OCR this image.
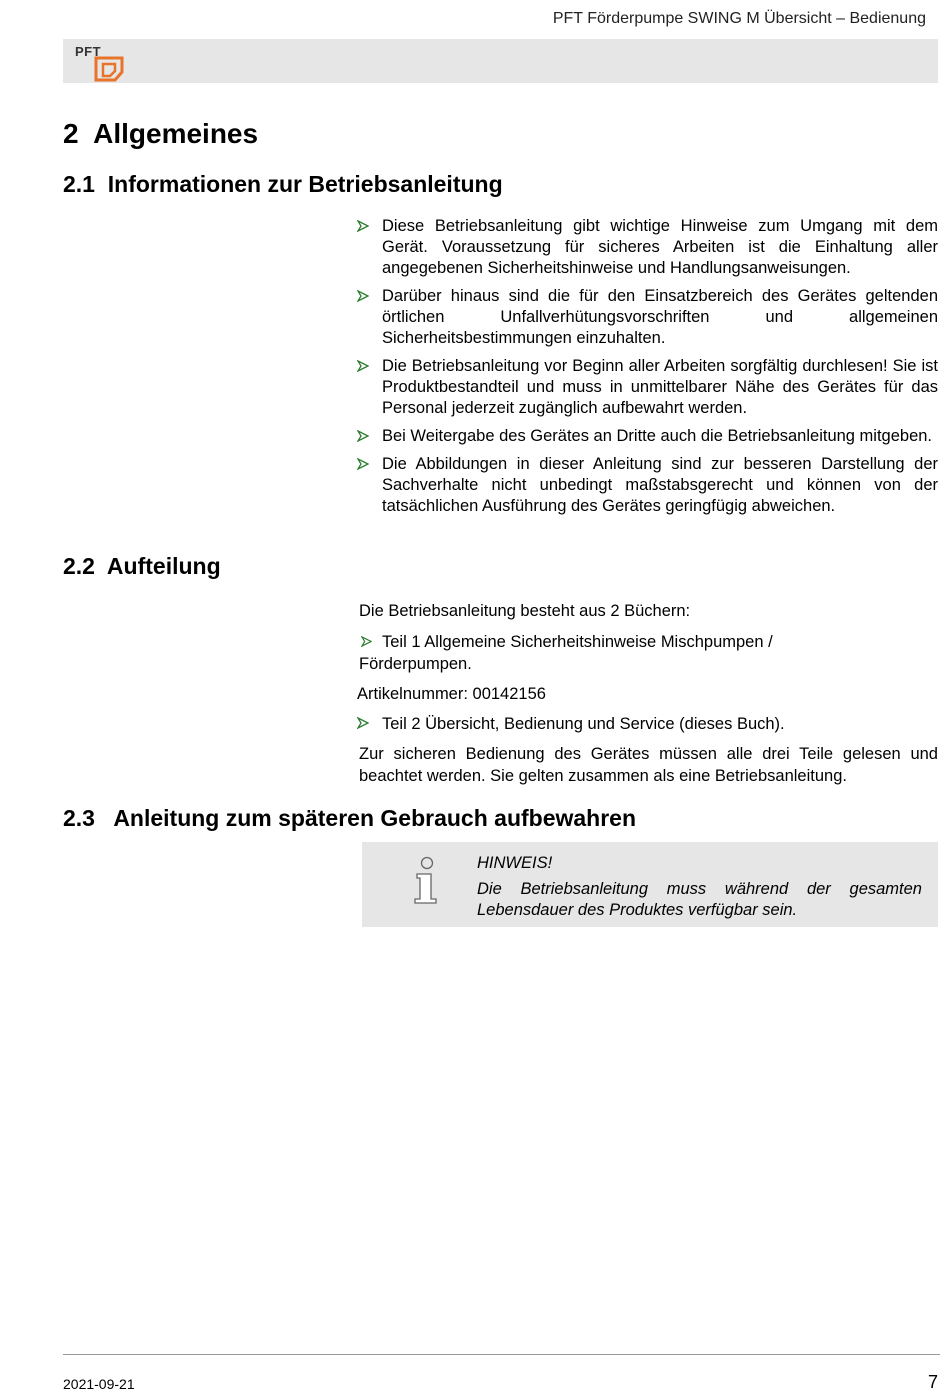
PFT Förderpumpe SWING M Übersicht – Bedienung
PFT
2 Allgemeines
2.1 Informationen zur Betriebsanleitung
Diese Betriebsanleitung gibt wichtige Hinweise zum Umgang mit dem Gerät. Voraussetzung für sicheres Arbeiten ist die Einhaltung aller angegebenen Sicherheitshinweise und Handlungsanweisungen.
Darüber hinaus sind die für den Einsatzbereich des Gerätes geltenden örtlichen Unfallverhütungsvorschriften und allgemeinen Sicherheitsbestimmungen einzuhalten.
Die Betriebsanleitung vor Beginn aller Arbeiten sorgfältig durchlesen! Sie ist Produktbestandteil und muss in unmittelbarer Nähe des Gerätes für das Personal jederzeit zugänglich aufbewahrt werden.
Bei Weitergabe des Gerätes an Dritte auch die Betriebsanleitung mitgeben.
Die Abbildungen in dieser Anleitung sind zur besseren Darstellung der Sachverhalte nicht unbedingt maßstabsgerecht und können von der tatsächlichen Ausführung des Gerätes geringfügig abweichen.
2.2 Aufteilung

Die Betriebsanleitung besteht aus 2 Büchern:

Teil 1 Allgemeine Sicherheitshinweise Mischpumpen / Förderpumpen.

Artikelnummer: 00142156

Teil 2 Übersicht, Bedienung und Service (dieses Buch).

Zur sicheren Bedienung des Gerätes müssen alle drei Teile gelesen und beachtet werden. Sie gelten zusammen als eine Betriebsanleitung.

2.3 Anleitung zum späteren Gebrauch aufbewahren
HINWEIS!
Die Betriebsanleitung muss während der gesamten Lebensdauer des Produktes verfügbar sein.
2021-09-21	7
